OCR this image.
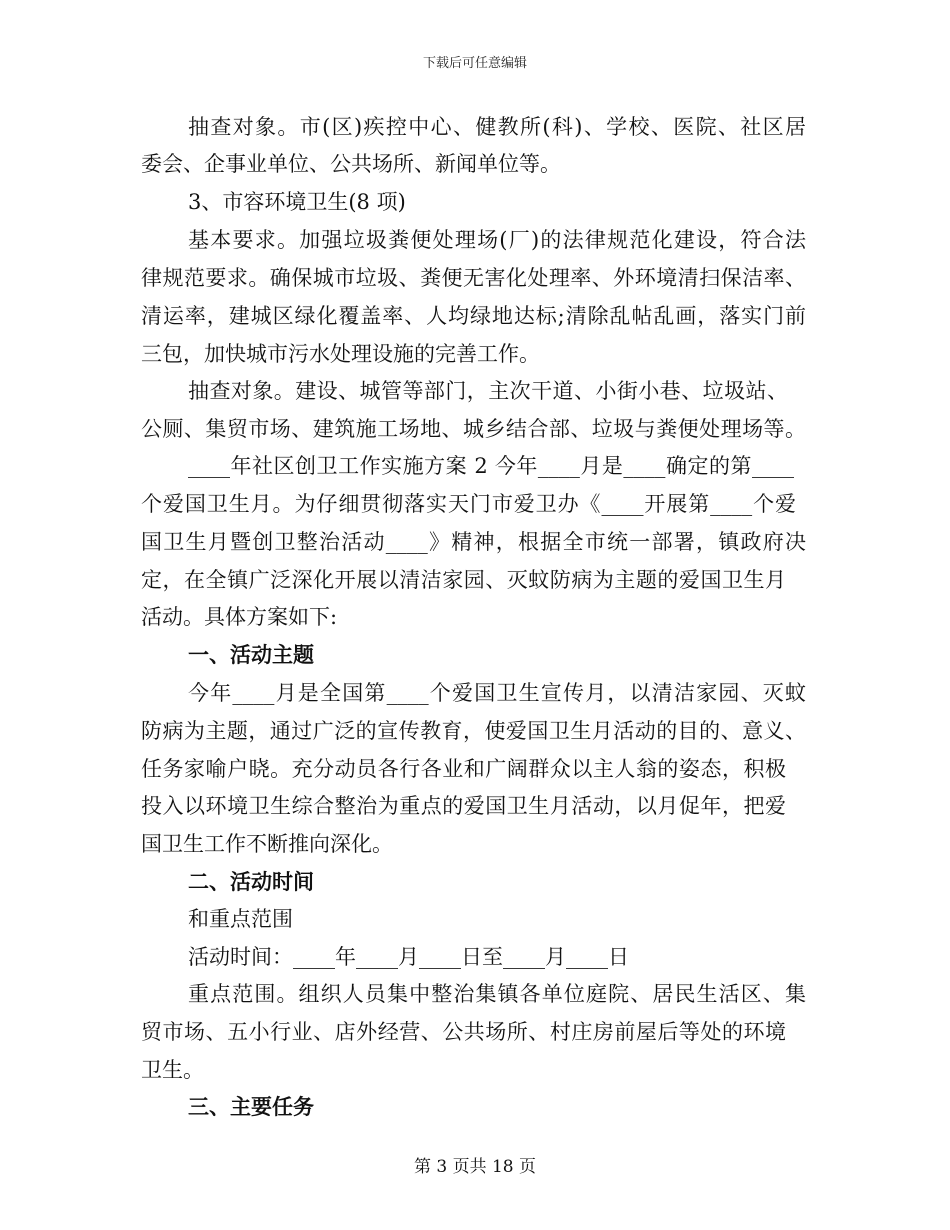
下载后可任意编辑
抽查对象。市(区)疾控中心、健教所(科)、学校、医院、社区居
委会、企事业单位、公共场所、新闻单位等。
3、市容环境卫生(8 项)
基本要求。加强垃圾粪便处理场(厂)的法律规范化建设，符合法
律规范要求。确保城市垃圾、粪便无害化处理率、外环境清扫保洁率、
清运率，建城区绿化覆盖率、人均绿地达标;清除乱帖乱画，落实门前
三包，加快城市污水处理设施的完善工作。
抽查对象。建设、城管等部门，主次干道、小街小巷、垃圾站、
公厕、集贸市场、建筑施工场地、城乡结合部、垃圾与粪便处理场等。
____年社区创卫工作实施方案 2 今年____月是____确定的第____
个爱国卫生月。为仔细贯彻落实天门市爱卫办《____开展第____个爱
国卫生月暨创卫整治活动____》精神，根据全市统一部署，镇政府决
定，在全镇广泛深化开展以清洁家园、灭蚊防病为主题的爱国卫生月
活动。具体方案如下:
一、活动主题
今年____月是全国第____个爱国卫生宣传月，以清洁家园、灭蚊
防病为主题，通过广泛的宣传教育，使爱国卫生月活动的目的、意义、
任务家喻户晓。充分动员各行各业和广阔群众以主人翁的姿态，积极
投入以环境卫生综合整治为重点的爱国卫生月活动，以月促年，把爱
国卫生工作不断推向深化。
二、活动时间
和重点范围
活动时间：____年____月____日至____月____日
重点范围。组织人员集中整治集镇各单位庭院、居民生活区、集
贸市场、五小行业、店外经营、公共场所、村庄房前屋后等处的环境
卫生。
三、主要任务
第 3 页共 18 页
